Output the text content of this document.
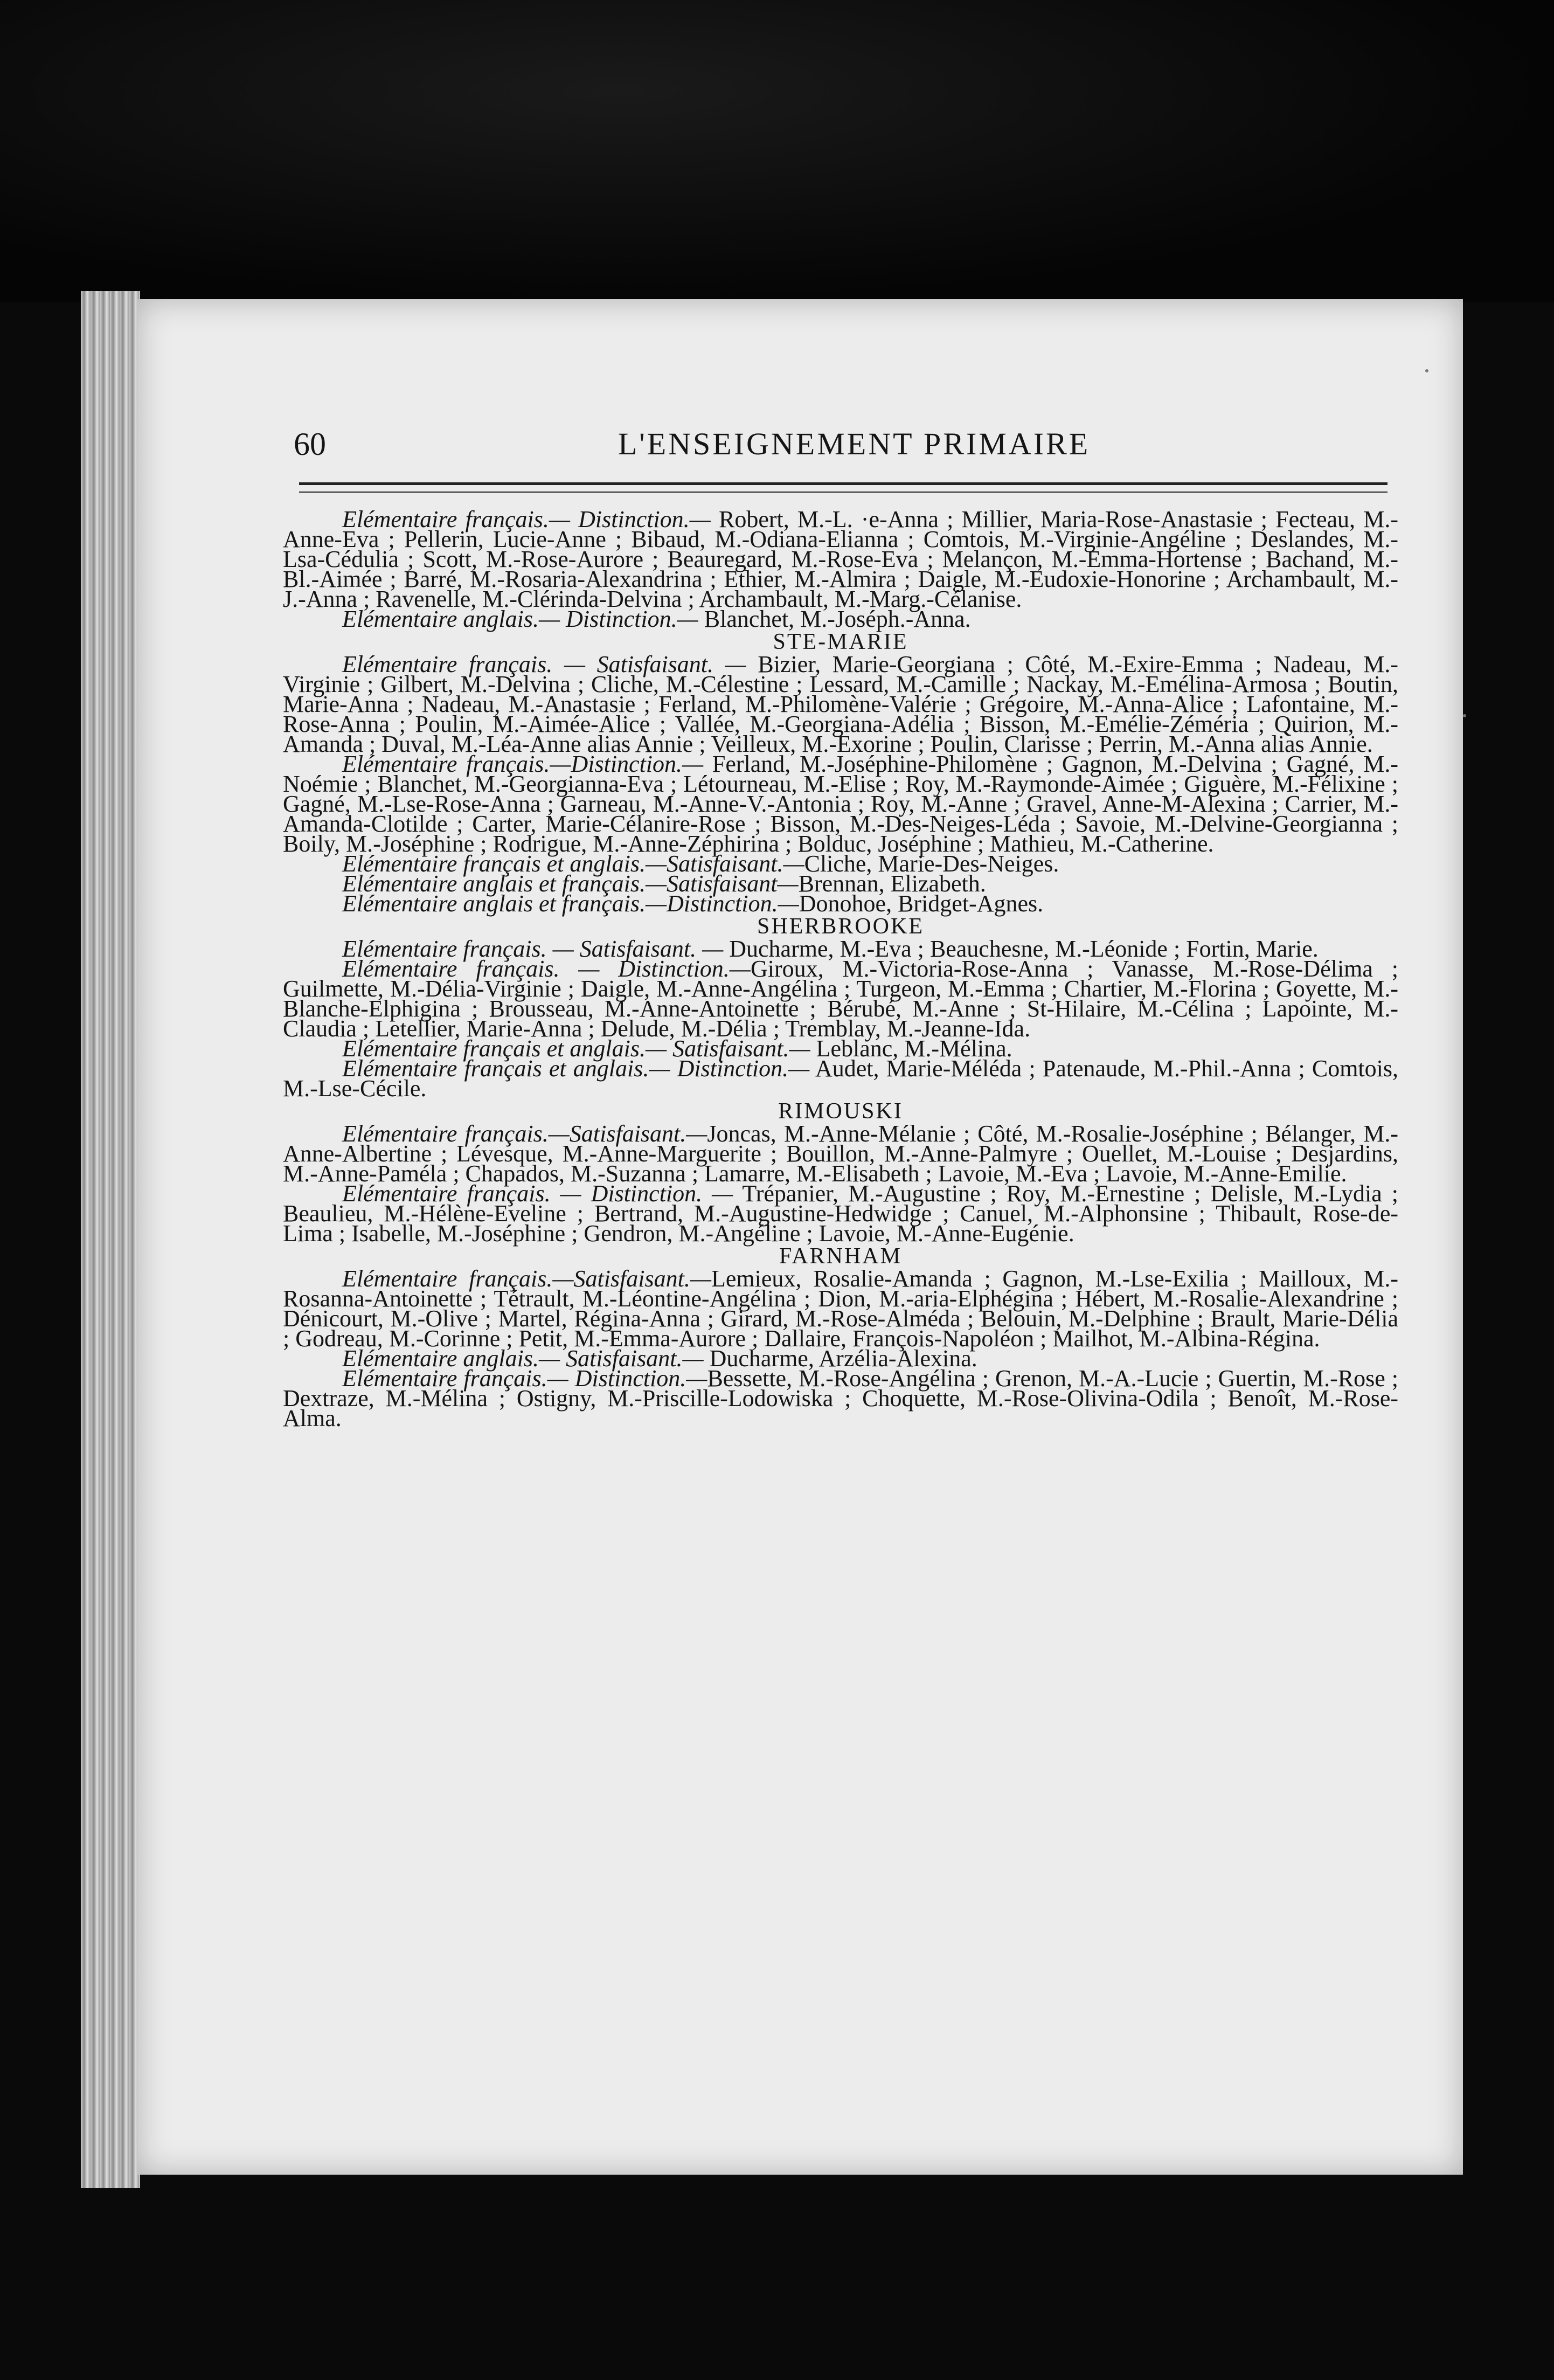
60	L'ENSEIGNEMENT PRIMAIRE

Elémentaire français.— Distinction.— Robert, M.-L. ·e-Anna ; Millier, Maria-Rose-Anastasie ; Fecteau, M.-Anne-Eva ; Pellerin, Lucie-Anne ; Bibaud, M.-Odiana-Elianna ; Comtois, M.-Virginie-Angéline ; Deslandes, M.-Lsa-Cédulia ; Scott, M.-Rose-Aurore ; Beauregard, M.-Rose-Eva ; Melançon, M.-Emma-Hortense ; Bachand, M.-Bl.-Aimée ; Barré, M.-Rosaria-Alexandrina ; Ethier, M.-Almira ; Daigle, M.-Eudoxie-Honorine ; Archambault, M.-J.-Anna ; Ravenelle, M.-Clérinda-Delvina ; Archambault, M.-Marg.-Célanise.

Elémentaire anglais.— Distinction.— Blanchet, M.-Joséph.-Anna.

STE-MARIE

Elémentaire français. — Satisfaisant. — Bizier, Marie-Georgiana ; Côté, M.-Exire-Emma ; Nadeau, M.-Virginie ; Gilbert, M.-Delvina ; Cliche, M.-Célestine ; Lessard, M.-Camille ; Nackay, M.-Emélina-Armosa ; Boutin, Marie-Anna ; Nadeau, M.-Anastasie ; Ferland, M.-Philomène-Valérie ; Grégoire, M.-Anna-Alice ; Lafontaine, M.-Rose-Anna ; Poulin, M.-Aimée-Alice ; Vallée, M.-Georgiana-Adélia ; Bisson, M.-Emélie-Zéméria ; Quirion, M.-Amanda ; Duval, M.-Léa-Anne alias Annie ; Veilleux, M.-Exorine ; Poulin, Clarisse ; Perrin, M.-Anna alias Annie.

Elémentaire français.—Distinction.— Ferland, M.-Joséphine-Philomène ; Gagnon, M.-Delvina ; Gagné, M.-Noémie ; Blanchet, M.-Georgianna-Eva ; Létourneau, M.-Elise ; Roy, M.-Raymonde-Aimée ; Giguère, M.-Félixine ; Gagné, M.-Lse-Rose-Anna ; Garneau, M.-Anne-V.-Antonia ; Roy, M.-Anne ; Gravel, Anne-M-Alexina ; Carrier, M.-Amanda-Clotilde ; Carter, Marie-Célanire-Rose ; Bisson, M.-Des-Neiges-Léda ; Savoie, M.-Delvine-Georgianna ; Boily, M.-Joséphine ; Rodrigue, M.-Anne-Zéphirina ; Bolduc, Joséphine ; Mathieu, M.-Catherine.

Elémentaire français et anglais.—Satisfaisant.—Cliche, Marie-Des-Neiges.

Elémentaire anglais et français.—Satisfaisant—Brennan, Elizabeth.

Elémentaire anglais et français.—Distinction.—Donohoe, Bridget-Agnes.

SHERBROOKE

Elémentaire français. — Satisfaisant. — Ducharme, M.-Eva ; Beauchesne, M.-Léonide ; Fortin, Marie.

Elémentaire français. — Distinction.—Giroux, M.-Victoria-Rose-Anna ; Vanasse, M.-Rose-Délima ; Guilmette, M.-Délia-Virginie ; Daigle, M.-Anne-Angélina ; Turgeon, M.-Emma ; Chartier, M.-Florina ; Goyette, M.-Blanche-Elphigina ; Brousseau, M.-Anne-Antoinette ; Bérubé, M.-Anne ; St-Hilaire, M.-Célina ; Lapointe, M.-Claudia ; Letellier, Marie-Anna ; Delude, M.-Délia ; Tremblay, M.-Jeanne-Ida.

Elémentaire français et anglais.— Satisfaisant.— Leblanc, M.-Mélina.

Elémentaire français et anglais.— Distinction.— Audet, Marie-Méléda ; Patenaude, M.-Phil.-Anna ; Comtois, M.-Lse-Cécile.

RIMOUSKI

Elémentaire français.—Satisfaisant.—Joncas, M.-Anne-Mélanie ; Côté, M.-Rosalie-Joséphine ; Bélanger, M.-Anne-Albertine ; Lévesque, M.-Anne-Marguerite ; Bouillon, M.-Anne-Palmyre ; Ouellet, M.-Louise ; Desjardins, M.-Anne-Paméla ; Chapados, M.-Suzanna ; Lamarre, M.-Elisabeth ; Lavoie, M.-Eva ; Lavoie, M.-Anne-Emilie.

Elémentaire français. — Distinction. — Trépanier, M.-Augustine ; Roy, M.-Ernestine ; Delisle, M.-Lydia ; Beaulieu, M.-Hélène-Eveline ; Bertrand, M.-Augustine-Hedwidge ; Canuel, M.-Alphonsine ; Thibault, Rose-de-Lima ; Isabelle, M.-Joséphine ; Gendron, M.-Angéline ; Lavoie, M.-Anne-Eugénie.

FARNHAM

Elémentaire français.—Satisfaisant.—Lemieux, Rosalie-Amanda ; Gagnon, M.-Lse-Exilia ; Mailloux, M.-Rosanna-Antoinette ; Tétrault, M.-Léontine-Angélina ; Dion, M.-aria-Elphégina ; Hébert, M.-Rosalie-Alexandrine ; Dénicourt, M.-Olive ; Martel, Régina-Anna ; Girard, M.-Rose-Alméda ; Belouin, M.-Delphine ; Brault, Marie-Délia ; Godreau, M.-Corinne ; Petit, M.-Emma-Aurore ; Dallaire, François-Napoléon ; Mailhot, M.-Albina-Régina.

Elémentaire anglais.— Satisfaisant.— Ducharme, Arzélia-Alexina.

Elémentaire français.— Distinction.—Bessette, M.-Rose-Angélina ; Grenon, M.-A.-Lucie ; Guertin, M.-Rose ; Dextraze, M.-Mélina ; Ostigny, M.-Priscille-Lodowiska ; Choquette, M.-Rose-Olivina-Odila ; Benoît, M.-Rose-Alma.
